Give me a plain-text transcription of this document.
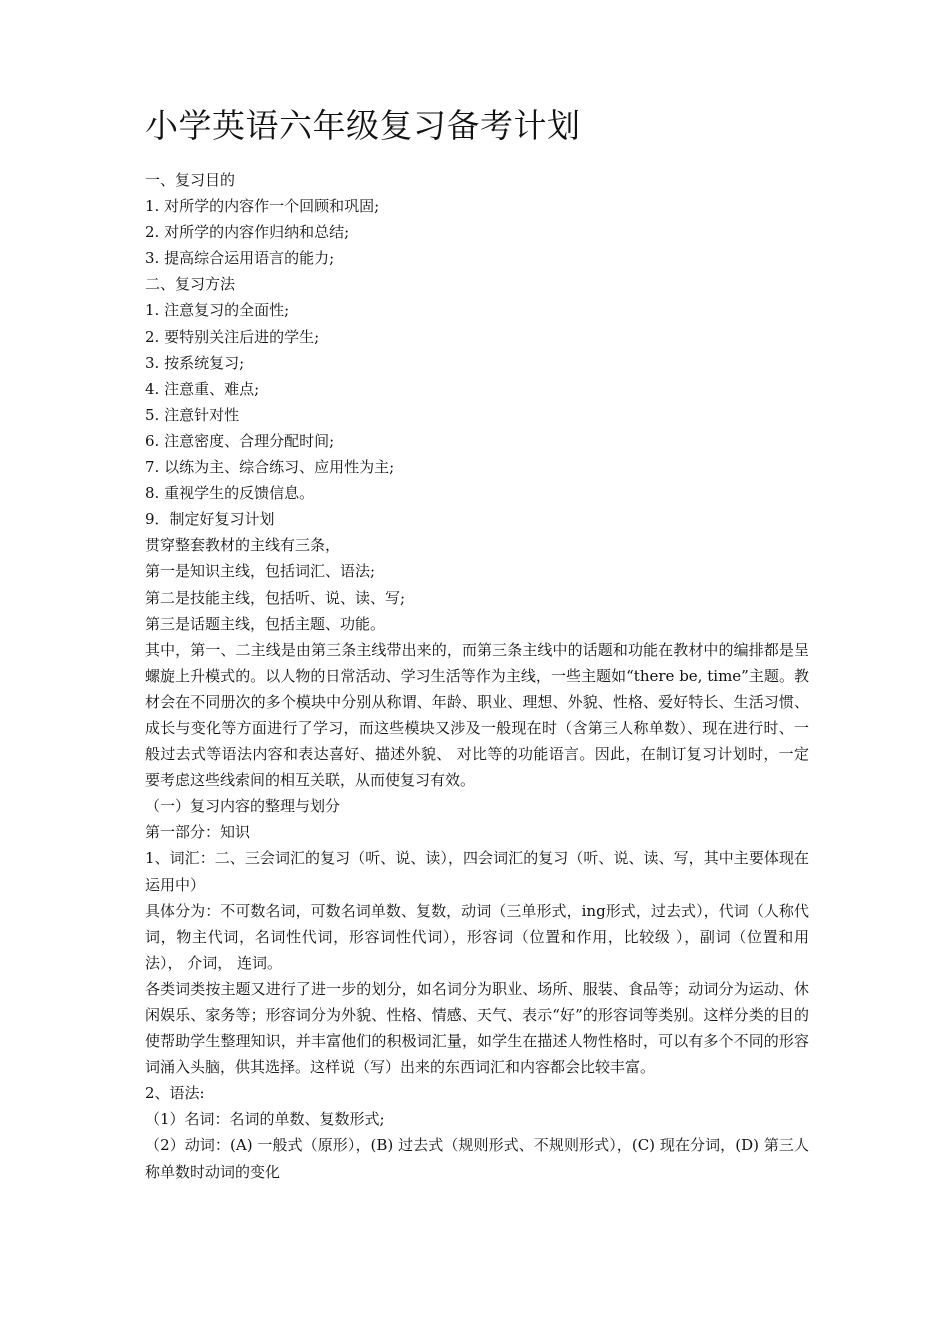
小学英语六年级复习备考计划

一、复习目的

1. 对所学的内容作一个回顾和巩固;

2. 对所学的内容作归纳和总结;

3. 提高综合运用语言的能力;

二、复习方法

1. 注意复习的全面性;

2. 要特别关注后进的学生;

3. 按系统复习;

4. 注意重、难点;

5. 注意针对性

6. 注意密度、合理分配时间;

7. 以练为主、综合练习、应用性为主;

8. 重视学生的反馈信息。

9．制定好复习计划

贯穿整套教材的主线有三条，

第一是知识主线，包括词汇、语法;

第二是技能主线，包括听、说、读、写;

第三是话题主线，包括主题、功能。

其中，第一、二主线是由第三条主线带出来的，而第三条主线中的话题和功能在教材中的编排都是呈螺旋上升模式的。以人物的日常活动、学习生活等作为主线，一些主题如“there be, time”主题。教材会在不同册次的多个模块中分别从称谓、年龄、职业、理想、外貌、性格、爱好特长、生活习惯、成长与变化等方面进行了学习，而这些模块又涉及一般现在时（含第三人称单数）、现在进行时、一般过去式等语法内容和表达喜好、描述外貌、 对比等的功能语言。因此，在制订复习计划时，一定要考虑这些线索间的相互关联，从而使复习有效。

（一）复习内容的整理与划分

第一部分：知识

1、词汇：二、三会词汇的复习（听、说、读），四会词汇的复习（听、说、读、写，其中主要体现在运用中）

具体分为：不可数名词，可数名词单数、复数，动词（三单形式，ing形式，过去式），代词（人称代词，物主代词，名词性代词，形容词性代词），形容词（位置和作用，比较级 ），副词（位置和用法）， 介词， 连词。

各类词类按主题又进行了进一步的划分，如名词分为职业、场所、服装、食品等；动词分为运动、休闲娱乐、家务等；形容词分为外貌、性格、情感、天气、表示“好”的形容词等类别。这样分类的目的使帮助学生整理知识，并丰富他们的积极词汇量，如学生在描述人物性格时，可以有多个不同的形容词涌入头脑，供其选择。这样说（写）出来的东西词汇和内容都会比较丰富。

2、语法:

（1）名词：名词的单数、复数形式;

（2）动词：(A) 一般式（原形），(B) 过去式（规则形式、不规则形式），(C) 现在分词，(D) 第三人称单数时动词的变化
